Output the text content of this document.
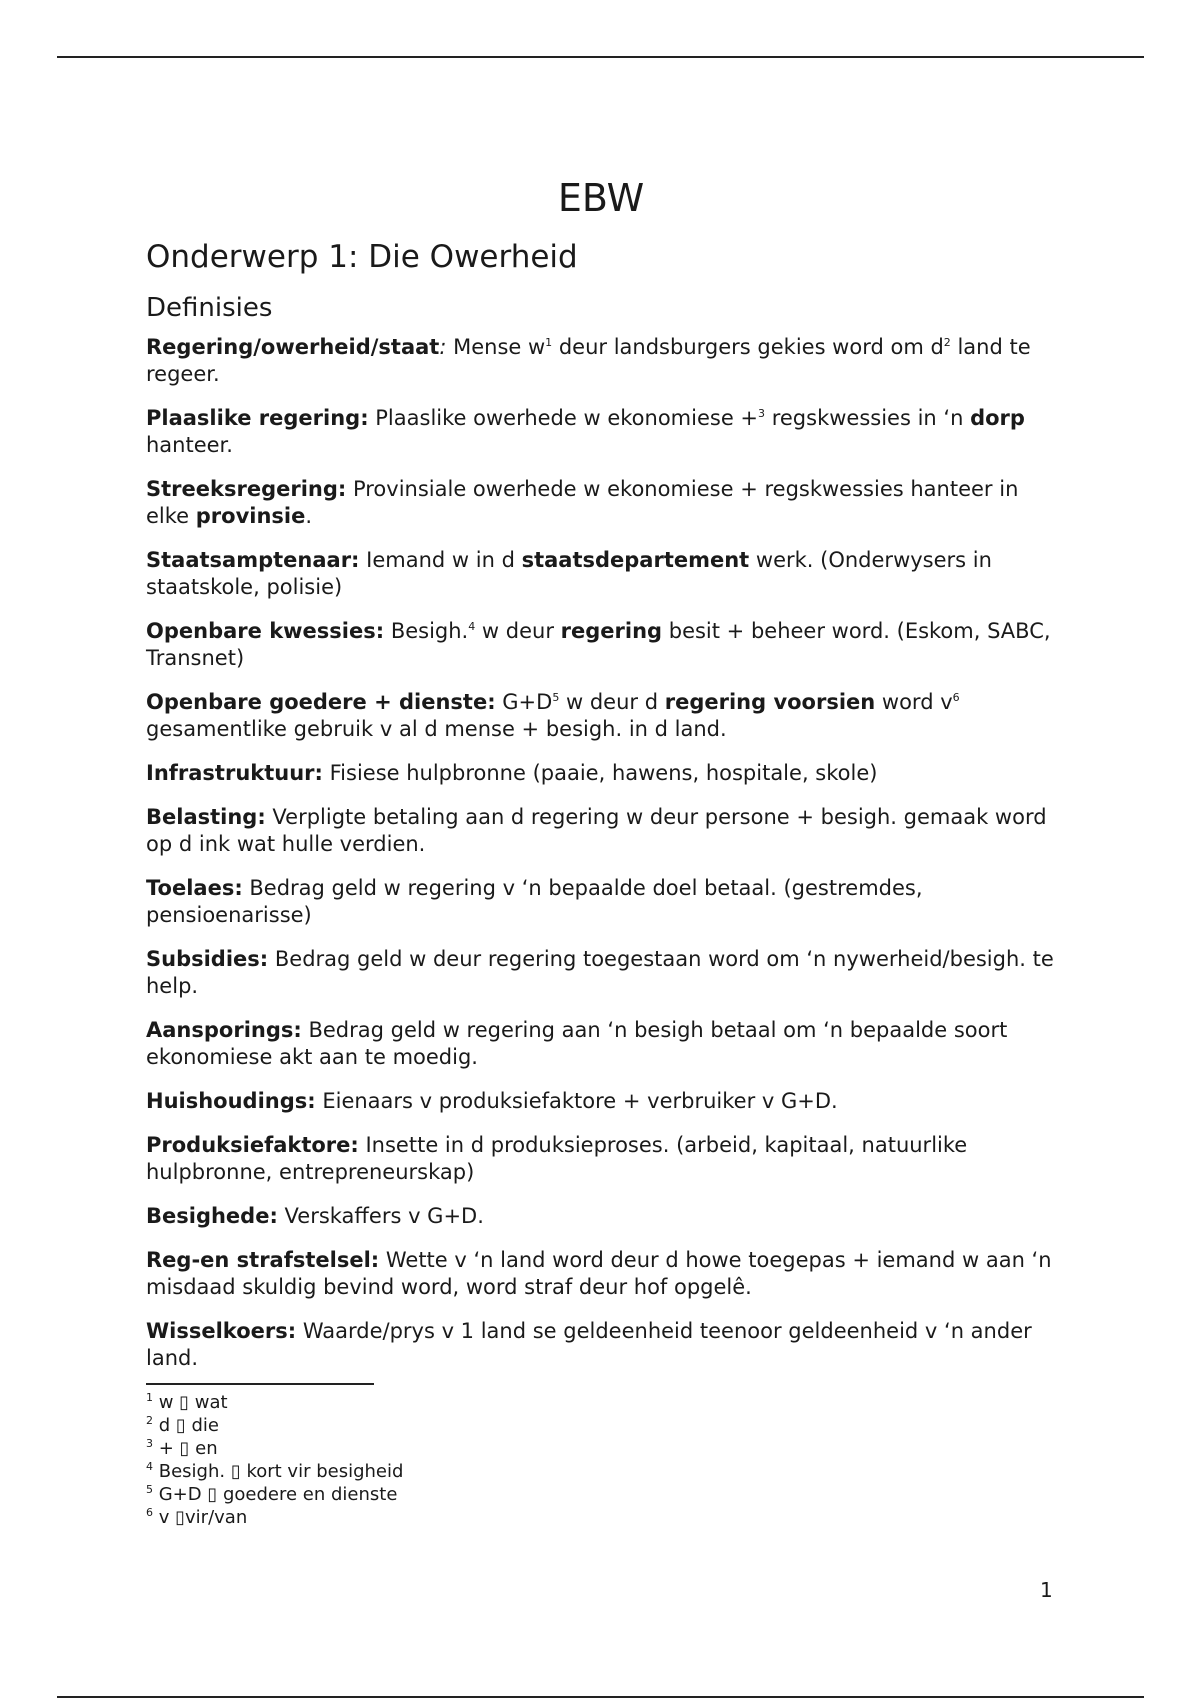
EBW
Onderwerp 1: Die Owerheid
Definisies

Regering/owerheid/staat: Mense $w^1$ deur landsburgers gekies word om $d^2$ land te regeer.

Plaaslike regering: Plaaslike owerhede w ekonomiese +$^3$ regskwessies in ‘n dorp hanteer.

Streeksregering: Provinsiale owerhede w ekonomiese + regskwessies hanteer in elke provinsie.

Staatsamptenaar: Iemand w in d staatsdepartement werk. (Onderwysers in staatskole, polisie)

Openbare kwessies: Besigh.$^4$ w deur regering besit + beheer word. (Eskom, SABC, Transnet)

Openbare goedere + dienste: $G+D^5$ w deur d regering voorsien word $v^6$ gesamentlike gebruik v al d mense + besigh. in d land.

Infrastruktuur: Fisiese hulpbronne (paaie, hawens, hospitale, skole)

Belasting: Verpligte betaling aan d regering w deur persone + besigh. gemaak word op d ink wat hulle verdien.

Toelaes: Bedrag geld w regering v ‘n bepaalde doel betaal. (gestremdes, pensioenarisse)

Subsidies: Bedrag geld w deur regering toegestaan word om ‘n nywerheid/besigh. te help.

Aansporings: Bedrag geld w regering aan ‘n besigh betaal om ‘n bepaalde soort ekonomiese akt aan te moedig.

Huishoudings: Eienaars v produksiefaktore + verbruiker v G+D.

Produksiefaktore: Insette in d produksieproses. (arbeid, kapitaal, natuurlike hulpbronne, entrepreneurskap)

Besighede: Verskaffers v G+D.

Reg-en strafstelsel: Wette v ‘n land word deur d howe toegepas + iemand w aan ‘n misdaad skuldig bevind word, word straf deur hof opgelê.

Wisselkoers: Waarde/prys v 1 land se geldeenheid teenoor geldeenheid v ‘n ander land.

$^1$ w ▯ wat
$^2$ d ▯ die
$^3$ + ▯ en
$^4$ Besigh. ▯ kort vir besigheid
$^5$ G+D ▯ goedere en dienste
$^6$ v ▯vir/van
1
